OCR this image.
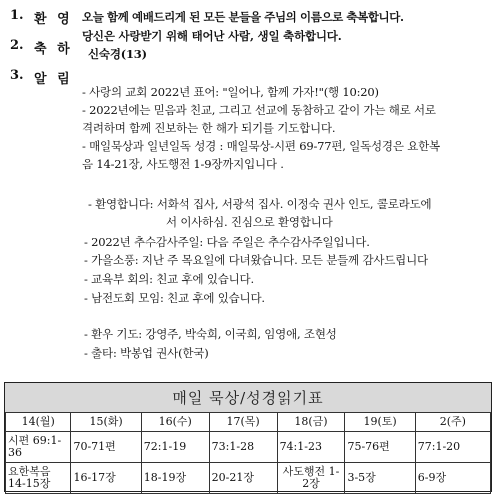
1. 환 영 오늘 함께 예배드리게 된 모든 분들을 주님의 이름으로 축복합니다.
2. 축 하
당신은 사랑받기 위해 태어난 사람, 생일 축하합니다.
신숙경(13)
3. 알 림
- 사랑의 교회 2022년 표어: "일어나, 함께 가자!"(행 10:20)
- 2022년에는 믿음과 친교, 그리고 선교에 동참하고 같이 가는 해로 서로
격려하며 함께 진보하는 한 해가 되기를 기도합니다.
- 매일묵상과 일년일독 성경 : 매일묵상-시편 69-77편, 일독성경은 요한복
음 14-21장, 사도행전 1-9장까지입니다 .
- 환영합니다: 서화석 집사, 서광석 집사. 이정숙 권사 인도, 콜로라도에
서 이사하심. 진심으로 환영합니다
- 2022년 추수감사주일: 다음 주일은 추수감사주일입니다.
- 가을소풍: 지난 주 목요일에 다녀왔습니다. 모든 분들께 감사드립니다
- 교육부 회의: 친교 후에 있습니다.
- 남전도회 모임: 친교 후에 있습니다.
- 환우 기도: 강영주, 박숙희, 이국희, 임영애, 조현성
- 출타: 박봉업 권사(한국)
매일 묵상/성경읽기표
14(월)	15(화)	16(수)	17(목)	18(금)	19(토)	2(주)
시편 69:1-36	70-71편	72:1-19	73:1-28	74:1-23	75-76편	77:1-20
요한복음 14-15장	16-17장	18-19장	20-21장	사도행전 1-2장	3-5장	6-9장
